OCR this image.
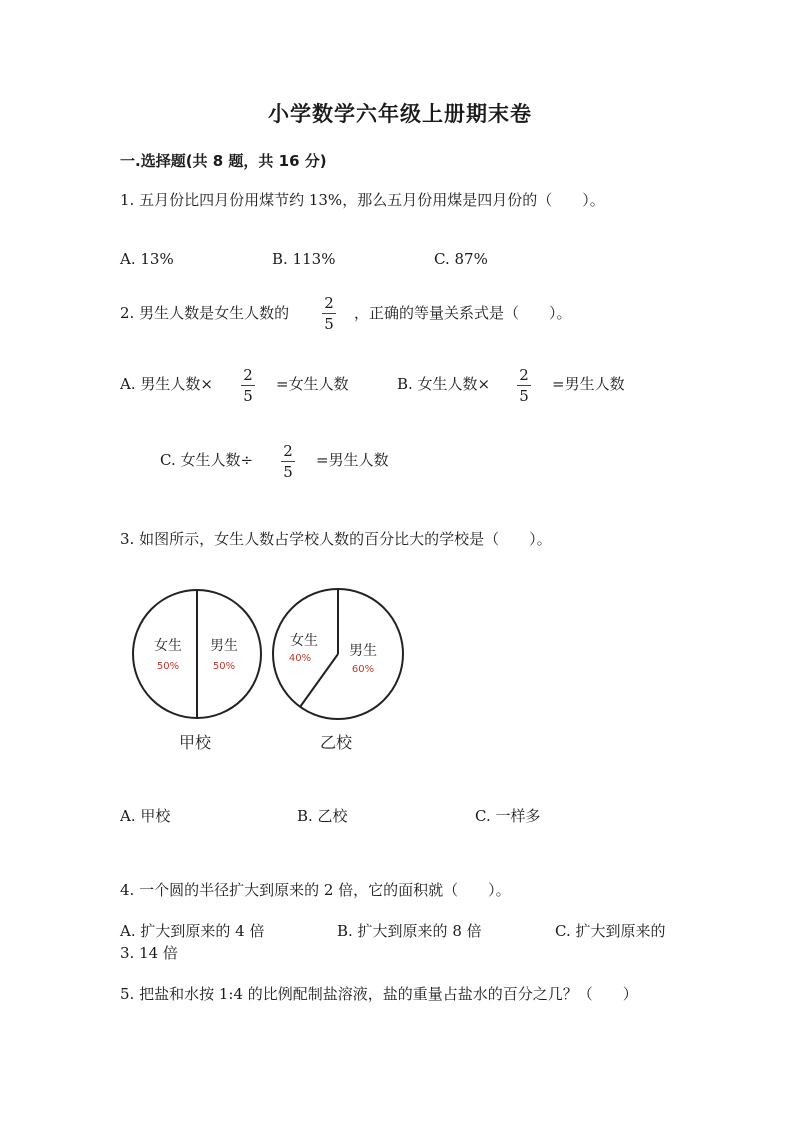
小学数学六年级上册期末卷
一.选择题(共 8 题，共 16 分)
1. 五月份比四月份用煤节约 13%，那么五月份用煤是四月份的（　　）。
A. 13%	B. 113%	C. 87%
2. 男生人数是女生人数的
2
5
，正确的等量关系式是（　　）。
A. 男生人数× 2
5
=女生人数	B. 女生人数× 2
5
=男生人数
C. 女生人数÷ 2
5
=男生人数
3. 如图所示，女生人数占学校人数的百分比大的学校是（　　）。
女生
50%
男生
50%
甲校
女生
40%	男生
60%
乙校
A. 甲校	B. 乙校	C. 一样多
4. 一个圆的半径扩大到原来的 2 倍，它的面积就（　　）。
A. 扩大到原来的 4 倍	B. 扩大到原来的 8 倍	C. 扩大到原来的
3. 14 倍
5. 把盐和水按 1:4 的比例配制盐溶液，盐的重量占盐水的百分之几？（　　）
